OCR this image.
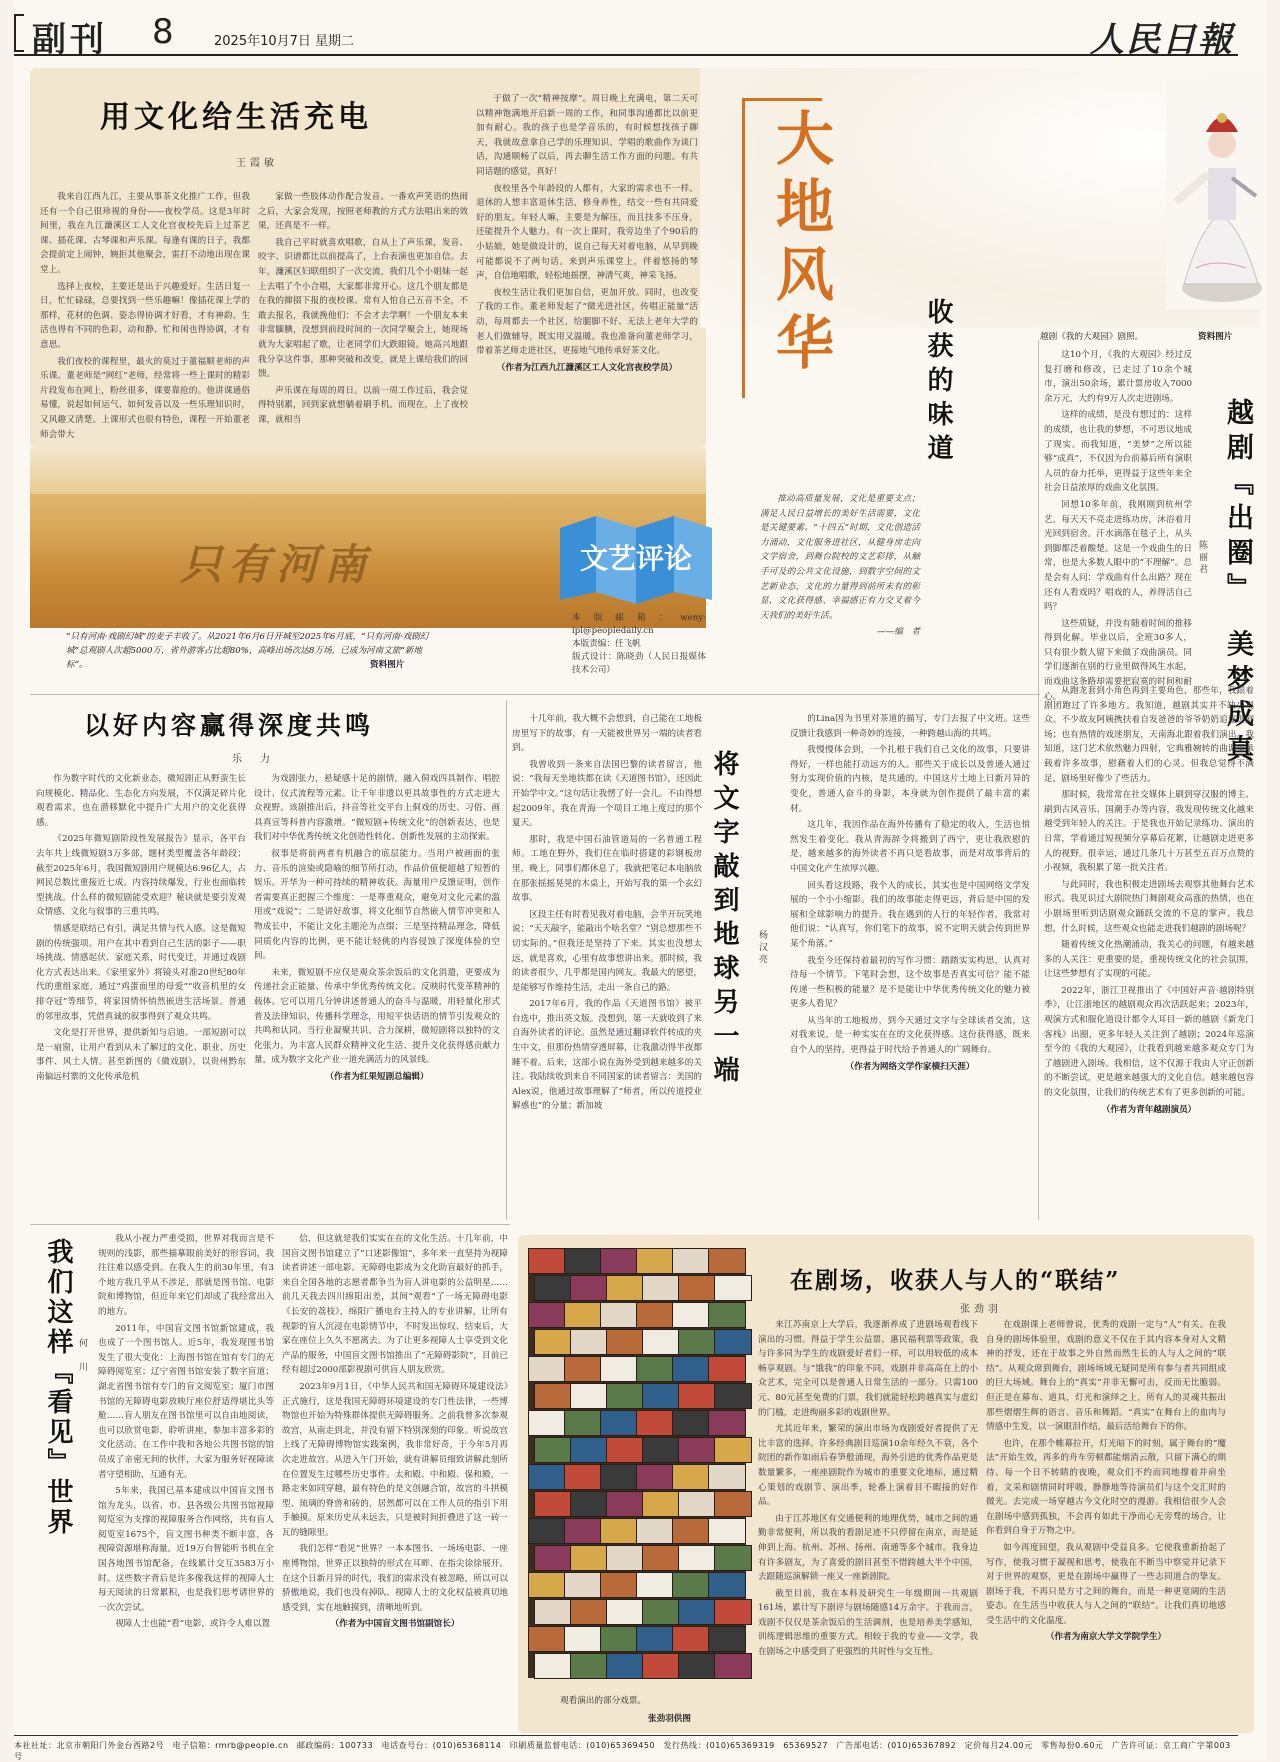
副刊 8	2025年10月7日 星期二	人民日報
用文化给生活充电
王霞敏

我来自江西九江，主要从事茶文化推广工作，但我还有一个自己很珍视的身份——夜校学员。这是3年时间里，我在九江濂溪区工人文化宫夜校先后上过茶艺课、插花课、古琴课和声乐课。每逢有课的日子，我都会提前定上闹钟，婉拒其他聚会，雷打不动地出现在课堂上。

选择上夜校，主要还是出于兴趣爱好。生活日复一日，忙忙碌碌，总要找到一些乐趣嘛！像插花课上学的那样，花材的色调、姿态得协调才好看，才有神韵。生活也得有不同的色彩，动和静、忙和闲也得协调，才有意思。

我们夜校的课程里，最火的莫过于董福顺老师的声乐课。董老师是“网红”老师，经常将一些上课时的精彩片段发布在网上，粉丝很多，课要靠抢的。他讲课通俗易懂，说起如何运气、如何发音以及一些乐理知识时，又风趣又清楚。上课形式也很有特色，课程一开始董老师会带大

家做一些肢体动作配合发音。一番欢声笑语的热闹之后，大家会发现，按照老师教的方式方法唱出来的效果，还真是不一样。

我自己平时就喜欢唱歌，自从上了声乐课，发音、咬字、识谱都比以前提高了，上台表演也更加自信。去年，濂溪区妇联组织了一次交流，我们几个小姐妹一起上去唱了个小合唱，大家都非常开心。这几个朋友都是在我的撺掇下报的夜校课。常有人怕自己五音不全，不敢去报名，我就挽他们：不会才去学啊！一个朋友本来非常腼腆，没想到前段时间的一次同学聚会上，她现场就为大家唱起了歌，让老同学们大跌眼镜。她高兴地跟我分享这件事，那种突破和改变，就是上课给我们的回馈。

声乐课在每周的周日。以前一周工作过后，我会觉得特别累，回到家就想躺着刷手机。而现在，上了夜校课，就相当

于做了一次“精神按摩”。周日晚上充满电，第二天可以精神饱满地开启新一周的工作，和同事沟通都比以前更加有耐心。我的孩子也是学音乐的，有时候想找孩子聊天，我就故意拿自己学的乐理知识、学唱的歌曲作为谈门话，沟通顺畅了以后，再去聊生活工作方面的问题。有共同话题的感觉，真好！

夜校里各个年龄段的人都有，大家的需求也不一样。退休的人想丰富退休生活，修身养性，结交一些有共同爱好的朋友。年轻人嘛，主要是为解压，而且技多不压身，还能提升个人魅力。有一次上课时，我旁边坐了个90后的小姑娘，她是做设计的，说自己每天对着电脑，从早到晚可能都说不了两句话。来到声乐课堂上，伴着悠扬的琴声，自信地唱歌，轻松地摇摆，神清气爽，神采飞扬。

夜校生活让我们更加自信，更加开放。同时，也改变了我的工作。董老师发起了“微光进社区，传唱正能量”活动，每周都去一个社区，给腿脚不好、无法上老年大学的老人们做辅导，既实用又温暖。我也准备向董老师学习，带着茶艺师走进社区，更接地气地传承好茶文化。

（作者为江西九江濂溪区工人文化宫夜校学员）

只有河南
“只有河南·戏剧幻城”的麦子丰收了。从2021年6月6日开城至2025年6月底，“只有河南·戏剧幻城”总观剧人次超5000万，省外游客占比超80%，高峰出场次达8万场，已成为河南文旅“新地标”。	资料图片
大地风华
收获的味道	越剧《我的大观园》剧照。	资料图片

推动高质量发展，文化是重要支点；满足人民日益增长的美好生活需要，文化是关键要素。“十四五”时期，文化创造活力涌动，文化服务进社区，从健身房走向文学宿舍，到舞台院校的文艺彩排，从触手可及的公共文化设施，到数字空间的文艺新业态，文化的力量得到前所未有的彰显，文化获得感、幸福感正有力交叉着今天我们的美好生活。

——编　者

文艺评论
本版邮箱：weny-ipl@peopledaily.cn
本版责编：任飞帆
版式设计：陈晓劲（人民日报媒体技术公司）	越剧『出圈』　美梦成真
陈丽君

这10个月，《我的大观园》经过反复打磨和修改，已走过了10余个城市，演出50余场，累计票房收入7000余万元，大约有9万人次走进剧场。

这样的成绩，是没有想过的：这样的成绩，也让我的梦想，不可思议地成了现实。而我知道，“美梦”之所以能够“成真”，不仅因为台前幕后所有演职人员的奋力托举，更得益于这些年来全社会日益浓厚的戏曲文化氛围。

回想10多年前，我刚刚到杭州学艺，每天天不亮走进练功房，沐浴着月光回到宿舍。汗水滴落在毯子上，从头到脚都泛着酸楚。这是一个戏曲生的日常，也是大多数人眼中的“不理解”。总是会有人问：学戏曲有什么出路？现在还有人看戏吗？唱戏的人，养得活自己吗？

这些质疑，并没有随着时间的推移得到化解。毕业以后，全班30多人，只有很少数人留下来做了戏曲演员。同学们逐渐在别的行业里做得风生水起，而戏曲这条路却需要把寂寞的时间和耐心。

从跑龙套到小角色再到主要角色，那些年，我跟着剧团跑过了许多地方。我知道，越剧其实并不缺少观众。不少故友阿姨携扶着自发爸爸的爷爷奶奶追逐进剧场；也有热情的戏迷朋友，天南海北跟着我们演出。我知道，这门艺术依然魅力四射，它典雅婉转的曲调里承载着许多故事，慰藉着人们的心灵。但我总觉得不满足，剧场里好像少了些活力。

那时候，我常常在社交媒体上刷到穿汉服的博主、刷到古风音乐、国潮手办等内容，我发现传统文化越来越受到年轻人的关注。于是我也开始记录练功、演出的日常，学着通过短视频分享幕后花絮，让越剧走进更多人的视野。很幸运，通过几条几十万甚至五百万点赞的小视频，我积累了第一批关注者。

与此同时，我也积极走进剧场去观察其他舞台艺术形式。我见识过大剧院热门舞剧观众高涨的热情，也在小剧场里听到话剧观众踊跃交流的不息的掌声。我总想，什么时候，这些观众也能走进我们越剧的剧场呢？

随着传统文化热潮涌动，我关心的问题，有越来越多的人关注：更重要的是，重视传统文化的社会氛围，让这些梦想有了实现的可能。

2022年，浙江卫视推出了《中国好声音·越剧特别季》，让江浙地区的越剧观众再次活跃起来；2023年，观演方式和服化道设计都令人耳目一新的越剧《新龙门客栈》出圈，更多年轻人关注到了越剧；2024年巡演至今的《我的大观园》，让我看到越来越多观众专门为了越剧进入剧场。我相信，这不仅源于我由人守正创新的不断尝试，更是越来越强大的文化自信。越来越包容的文化氛围，让我们的传统艺术有了更多创新的可能。

（作者为青年越剧演员）

以好内容赢得深度共鸣
乐　力

作为数字时代的文化新业态，微短剧正从野蛮生长向规模化、精品化、生态化方向发展，不仅满足碎片化观看需求，也在潜移默化中提升广大用户的文化获得感。

《2025年微短剧阶段性发展报告》显示，各平台去年共上线微短剧3万多部，题材类型覆盖各年龄段；截至2025年6月，我国微短剧用户规模达6.96亿人，占网民总数比重接近七成。内容持续爆发，行业也面临转型挑战。什么样的微短剧能受欢迎？秘诀就是要引发观众情感、文化与叙事的三重共鸣。

情感是联结已有引，满足共情与代入感。这是微短剧的传统强项。用户在其中看到自己生活的影子——职场挑战、情感起伏、家庭关系，时代变迁，并通过戏剧化方式表达出来。《家里家外》将镜头对准20世纪80年代的重组家庭，通过“鸡蛋面里的母爱”“收音机里的女排夺冠”等细节，将家国情怀悄然嵌进生活场景。普通的邻里故事，凭借真诚的叙事得到了观众共鸣。

文化是打开世界，提供新知与启迪。一部短剧可以是一扇窗，让用户看到从未了解过的文化、职业、历史事件、风土人情。甚至新图的《微戏剧》，以贵州黔东南偏远村寨的文化传承危机

为戏剧张力，悬疑感十足的剧情，融入侗戏四具制作、唱腔设计、仪式流程等元素。让千年非遗以更具故事性的方式走进大众视野。该剧推出后，抖音等社交平台上侗戏的历史、习俗、画具真宣等科普内容激增。“微短剧+传统文化”的创新表达，也是我们对中华优秀传统文化创造性转化、创新性发展的主动探索。

叙事是将前两者有机融合的底层能力。当用户被画面的张力、音乐的渲染或隐喻的细节所打动，作品价值便超越了短暂的娱乐。开华为一种可持续的精神收获。海量用户反馈证明，创作者需要真正把握三个维度：一是尊重观众，避免对文化元素的滥用或“戏说”；二是讲好故事，将文化细节自然嵌入情节冲突和人物成长中，不能让文化主题沦为点缀；三是坚持精品理念，降低同质化内容的比例，更不能让轻佻的内容侵蚀了深度体验的空间。

未来，微短剧不应仅是观众茶余饭后的文化消遣，更要成为传递社会正能量、传承中华优秀传统文化、反映时代变革精神的载体。它可以用几分钟讲述普通人的奋斗与温暖，用轻量化形式普及法律知识，传播科学理念，用短平快话语的情节引发观众的共鸣和认同。当行业凝聚共识、合力深耕，微短剧将以独特的文化张力，为丰富人民群众精神文化生活、提升文化获得感贡献力量，成为数字文化产业一道充满活力的风景线。

（作者为红果短剧总编辑）

十几年前，我大概不会想到，自己能在工地板房里写下的故事，有一天能被世界另一端的读者看到。

我曾收到一条来自法国巴黎的读者留言，他说：“我每天坐地铁都在读《天道图书馆》，还因此开始学中文。”这句话让我愣了好一会儿。不由得想起2009年，我在青海一个项目工地上度过的那个夏天。

那时，我是中国石油管道局的一名普通工程师。工地在野外，我们住在临时搭建的彩钢板房里，晚上，同事们都休息了，我就把笔记本电脑放在那张摇摇晃晃的木桌上，开始写我的第一个玄幻故事。

区段主任有时看见我对着电脑，会半开玩笑地说：“天天敲字，能敲出个啥名堂？”别总想那些不切实际的。”但我还是坚持了下来。其实也没想太远，就是喜欢，心里有故事想讲出来。那时候，我的读者很少，几乎都是国内网友。我最大的愿望，是能够写作维持生活，走出一条自己的路。

2017年6月，我的作品《天道图书馆》被平台选中，推出英文版。没想到，第一天就收到了来自海外读者的评论。虽然是通过翻译软件转成的夹生中文，但那份热情穿透屏幕，让我激动得半夜都睡不着。后来，这部小说在海外受到越来越多的关注。我陆续收到来自不同国家的读者留言：美国的Alex说，他通过故事理解了“师者，所以传道授业解惑也”的分量；新加坡

将文字敲到地球另一端	杨汉亮

的Lina因为书里对茶道的描写，专门去报了中文班。这些反馈让我感到一种奇妙的连接，一种跨越山海的共鸣。

我慢慢体会到，一个扎根于我们自己文化的故事，只要讲得好，一样也能打动远方的人。那些关于成长以及普通人通过努力实现价值的内核，是共通的。中国这片土地上日新月异的变化，普通人奋斗的身影，本身就为创作提供了最丰富的素材。

这几年，我因作品在海外传播有了稳定的收入，生活也悄然发生着变化。我从青海辞令将搬到了西宁，更让我欣慰的是，越来越多的海外读者不再只是看故事，而是对故事背后的中国文化产生浓厚兴趣。

回头看这段路，我个人的成长，其实也是中国网络文学发展的一个小小缩影。我们的故事能走得更远，背后是中国的发展和全球影响力的提升。我在遇到的人行的年轻作者，我常对他们说：“认真写，你们笔下的故事，说不定明天就会传到世界某个角落。”

我至今还保持着最初的写作习惯：踏踏实实构思，认真对待每一个情节。下笔时会想，这个故事是否真实可信？能不能传递一些积极的能量？是不是能让中华优秀传统文化的魅力被更多人看见？

从当年的工地板房，到今天通过文字与全球读者交流，这对我来说，是一种实实在在的文化获得感。这份获得感，既来自个人的坚持，更得益于时代给予普通人的广阔舞台。

（作者为网络文学作家横扫天涯）

我们这样『看见』世界 何　川

我从小视力严重受损，世界对我而言是不规则的浅影，那些描摹眼前美好的形容词，我往往难以感受到。在我人生的前30年里，有3个地方我几乎从不涉足，那就是图书馆、电影院和博物馆，但近年来它们却成了我经常出入的地方。

2011年，中国盲文图书馆新馆建成，我也成了一个图书馆人。近5年，我发现图书馆发生了很大变化：上海图书馆在馆有专门的无障碍阅览室；辽宁省图书馆安装了数字盲道；湖北省图书馆有专门的盲文阅览室；厦门市图书馆的无障碍电影放映厅座位舒适得堪比头等舱……盲人朋友在图书馆里可以自由地阅读，也可以欣赏电影，聆听讲座，参加丰富多彩的文化活动。在工作中我和各地公共图书馆的馆员成了亲密无间的伙伴，大家为服务好视障读者守望相助，互通有无。

5年来，我国已基本建成以中国盲文图书馆为龙头，以省、市、县各级公共图书馆视障阅览室为支撑的视障服务合作网络，共有盲人阅览室1675个，盲文图书种类不断丰富，各视障资源堪称海量。近19万台智能听书机在全国各地图书馆配备，在线累计交互3583万小时。这些数字背后是许多像我这样的视障人士每天阅读的日常累积，也是我们思考请世界的一次次尝试。

视障人士也能“看”电影，或许令人难以置

信，但这就是我们实实在在的文化生活。十几年前，中国盲文图书馆建立了“口述影像馆”，多年来一直坚持为视障读者讲述一部电影。无障碍电影成为文化助盲最好的抓手，来自全国各地的志愿者都争当为盲人讲电影的公益明星……前几天我去四川绵阳出差，其间“观看”了一场无障碍电影《长安的荔枝》，绵阳广播电台主持人的专业讲解，让所有视影的盲人沉浸在电影情节中，不时发出惊叹、结束后，大家在座位上久久不愿离去。为了让更多视障人士享受到文化产品的服务，中国盲文图书馆推出了“无障碍影院”，目前已经有超过2000部影视剧可供盲人朋友欣赏。

2023年9月1日，《中华人民共和国无障碍环境建设法》正式施行，这是我国无障碍环境建设的专门性法律，一些博物馆也开始为特殊群体提供无障碍服务。之前我曾多次参观故宫，从南走到北，并没有留下特别深刻的印象。听说故宫上线了无障碍博物馆实践案例，我非常好奇，于今年5月再次走进故宫。从进入午门开始，就有讲解员细致讲解此刻所在位置发生过哪些历史事件。太和殿、中和殿、保和殿，一路走来如同穿越，最有特色的是文创融合馆，故宫的斗拱模型、琉璃的脊兽和砖的，居然都可以在工作人员的指引下用手触摸。原来历史从未远去，只是被时间折叠进了这一砖一瓦的缝隙里。

我们怎样“看见”世界？一本本图书、一场场电影、一座座博物馆，世界正以独特的形式在耳畔、在指尖徐徐展开。在这个日新月异的时代，我们的需求没有被忽略，所以可以骄傲地说，我们也没有掉队。视障人士的文化权益被真切地感受到，实在地触摸到，清晰地听到。

（作者为中国盲文图书馆副馆长）

观看演出的部分戏票。
张劲羽供图
在剧场，收获人与人的“联结”
张劲羽

来江苏南京上大学后，我逐渐养成了进剧场观看线下演出的习惯。得益于学生公益票、惠民福利票等政策，我与许多同为学生的戏剧爱好者们一样，可以用较低的成本畅享观剧。与“饿我”的印象不同，戏剧并非高高在上的小众艺术，完全可以是普通人日常生活的一部分。只需100元、80元甚至免费的门票，我们就能轻松跨越真实与虚幻的门槛，走进绚丽多彩的戏剧世界。

尤其近年来，繁荣的演出市场为戏剧爱好者提供了无比丰富的选择。许多经典剧目巡演10余年经久不衰，各个院团的新作如雨后春笋般涌现，海外引进的优秀作品更是数量繁多，一座座剧院作为城市的重要文化地标，通过精心策划的戏剧节、演出季，轮番上演着目不暇接的好作品。

由于江苏地区有交通便利的地理优势，城市之间的通勤非常便利，所以我的看剧足迹不只停留在南京，而是延伸到上海、杭州、苏州、扬州、南通等多个城市。我身边有许多剧友，为了喜爱的剧目甚至不惜跨越大半个中国，去跟随巡演解锁一座又一座新剧院。

截至目前，我在本科及研究生一年级期间一共观剧161场，累计写下剧评与剧场随感14万余字。于我而言，戏剧不仅仅是茶余饭后的生活调剂，也是培养美学感知，训练逻辑思维的重要方式。相较于我的专业——文学，我在剧场之中感受到了更强烈的共时性与交互性。

在戏剧课上老师曾说，优秀的戏剧一定与“人”有关。在我自身的剧场体验里，戏剧的意义不仅在于其内容本身对人文精神的抒发，还在于故事之外自然而然生长的人与人之间的“联结”。从观众席到舞台，剧场场域无疑同是所有参与者共同组成的巨大场域。舞台上的“真实”并非无懈可击，反而无比脆弱。但正是在幕布、道具，灯光和演绎之上，所有人的灵魂共振出那些熠熠生辉的语言、音乐和舞蹈。“真实”在舞台上的血肉与情感中生发，以一演眼泪作结，最后活给舞台下的你。

也许，在那个帷幕拉开，灯光暗下的时刻，属于舞台的“魔法”开始生效，再多的舟车劳顿都能烟消云散，只留下满心的期待。每一个日不转睛的夜晚，观众们不约而同地撑着并肩坐着，文采和剧情同时呼吸，静静地等待演员们与这个交汇时的微光。去完成一场穿越古今文化时空的漫游。我相信很少人会在剧场中感到孤独，不会再有如此干净而心无旁骛的场合，让你看到自身于万物之中。

如今再度回望，我从观剧中受益良多。它使我重新拾起了写作，使我习惯于凝视和思考，使我在不断当中察觉并记录下对于世界的观察，更是在剧场中赢得了一些志同道合的挚友。剧场于我，不再只是方寸之间的舞台，而是一种更宽阔的生活姿态。在生活当中收获人与人之间的“联结”。让我们真切地感受生活中的文化温度。

（作者为南京大学文学院学生）

本社社址：北京市朝阳门外金台西路2号　电子信箱：rmrb@people.cn　邮政编码：100733　电话查号台：(010)65368114　印刷质量监督电话：(010)65369450　发行热线：(010)65369319　65369527　广告部电话：(010)65367892　定价每月24.00元　零售每份0.60元　广告许可证：京工商广字第003号
